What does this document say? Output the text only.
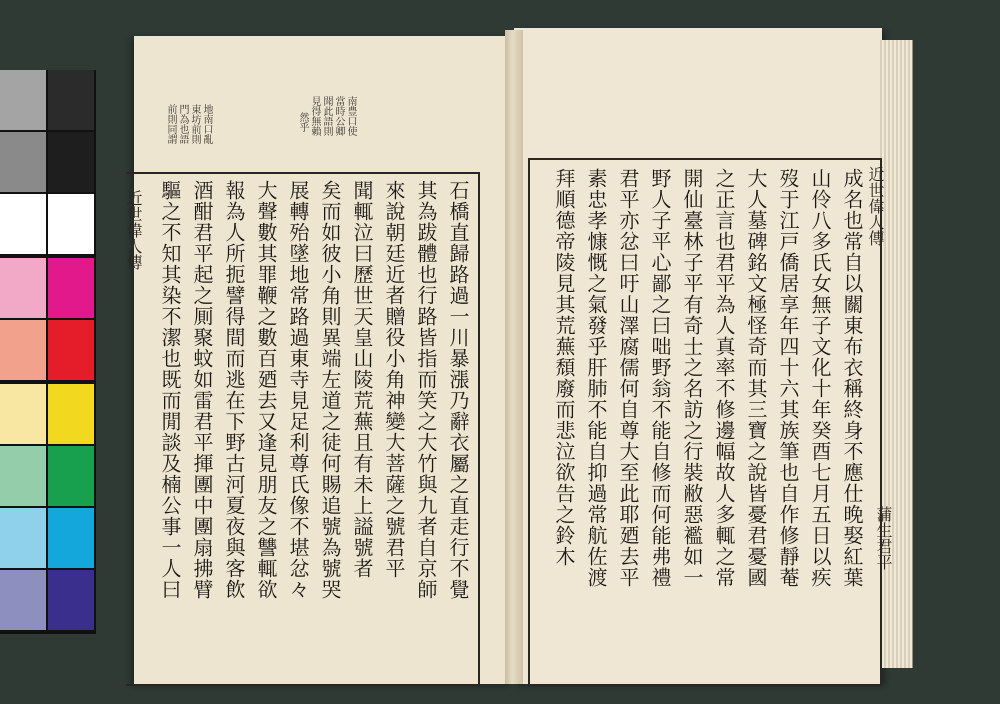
南豊口使
當時公卿
聞此語則
見得無賴
然乎
地南口亂
東坊前則
門為也語
前則同謂
石橋直歸路過一川暴漲乃辭衣屬之直走行不覺
其為跋體也行路皆指而笑之大竹與九者自京師
來說朝廷近者贈役小角神變大菩薩之號君平
聞輒泣曰歷世天皇山陵荒蕪且有未上謚號者
矣而如彼小角則異端左道之徒何賜追號為號哭
展轉殆墜地常路過東寺見足利尊氏像不堪忿々
大聲數其罪鞭之數百廼去又逢見朋友之讐輒欲
報為人所扼譬得間而逃在下野古河夏夜與客飲
酒酣君平起之厠聚蚊如雷君平揮團中團扇拂臂
驅之不知其染不潔也既而閒談及楠公事一人曰
近世偉人傳	成名也常自以關東布衣稱終身不應仕晚娶紅葉
山伶八多氏女無子文化十年癸酉七月五日以疾
歿于江戸僑居享年四十六其族筆也自作修靜菴
大人墓碑銘文極怪奇而其三寶之說皆憂君憂國
之正言也君平為人真率不修邊幅故人多輒之常
開仙臺林子平有奇士之名訪之行裝敝惡襤如一
野人子平心鄙之曰咄野翁不能自修而何能弗禮
君平亦忿曰吁山澤腐儒何自尊大至此耶廼去平
素忠孝慷慨之氣發乎肝肺不能自抑過常航佐渡
拜順德帝陵見其荒蕪頹廢而悲泣欲告之鈴木	近世偉人傳
蒲生君平
